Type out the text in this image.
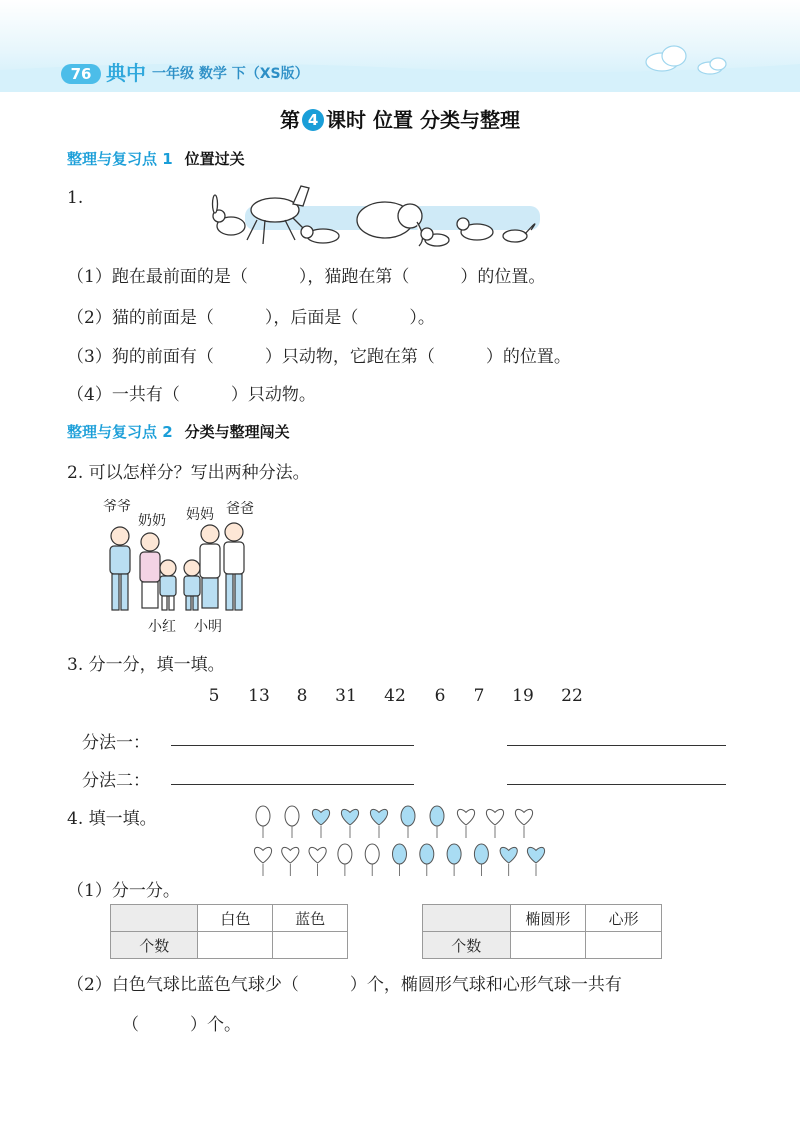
76 典中 一年级 数学 下（XS版）
第 4 课时 位置 分类与整理
整理与复习点 1 位置过关
1.
（1）跑在最前面的是（　　　），猫跑在第（　　　）的位置。
（2）猫的前面是（　　　），后面是（　　　）。
（3）狗的前面有（　　　）只动物，它跑在第（　　　）的位置。
（4）一共有（　　　）只动物。
整理与复习点 2 分类与整理闯关
2. 可以怎样分？写出两种分法。
爷爷
奶奶 妈妈 爸爸
小红 小明
3. 分一分，填一填。
5 13 8 31 42 6 7 19 22
分法一：
分法二：
4. 填一填。
（1）分一分。
	白色	蓝色
个数		
	椭圆形	心形
个数		
（2）白色气球比蓝色气球少（　　　）个，椭圆形气球和心形气球一共有
（　　　）个。
